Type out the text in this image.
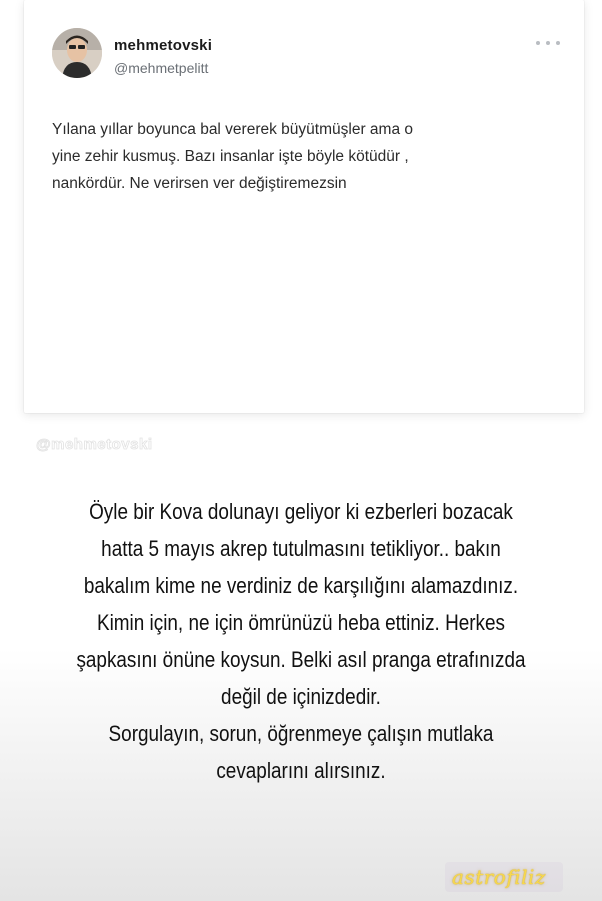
mehmetovski
@mehmetpelitt
Yılana yıllar boyunca bal vererek büyütmüşler ama o
yine zehir kusmuş. Bazı insanlar işte böyle kötüdür ,
nankördür. Ne verirsen ver değiştiremezsin
@mehmetovski
Öyle bir Kova dolunayı geliyor ki ezberleri bozacak
hatta 5 mayıs akrep tutulmasını tetikliyor.. bakın
bakalım kime ne verdiniz de karşılığını alamazdınız.
Kimin için, ne için ömrünüzü heba ettiniz. Herkes
şapkasını önüne koysun. Belki asıl pranga etrafınızda
değil de içinizdedir.
Sorgulayın, sorun, öğrenmeye çalışın mutlaka
cevaplarını alırsınız.
astrofiliz
